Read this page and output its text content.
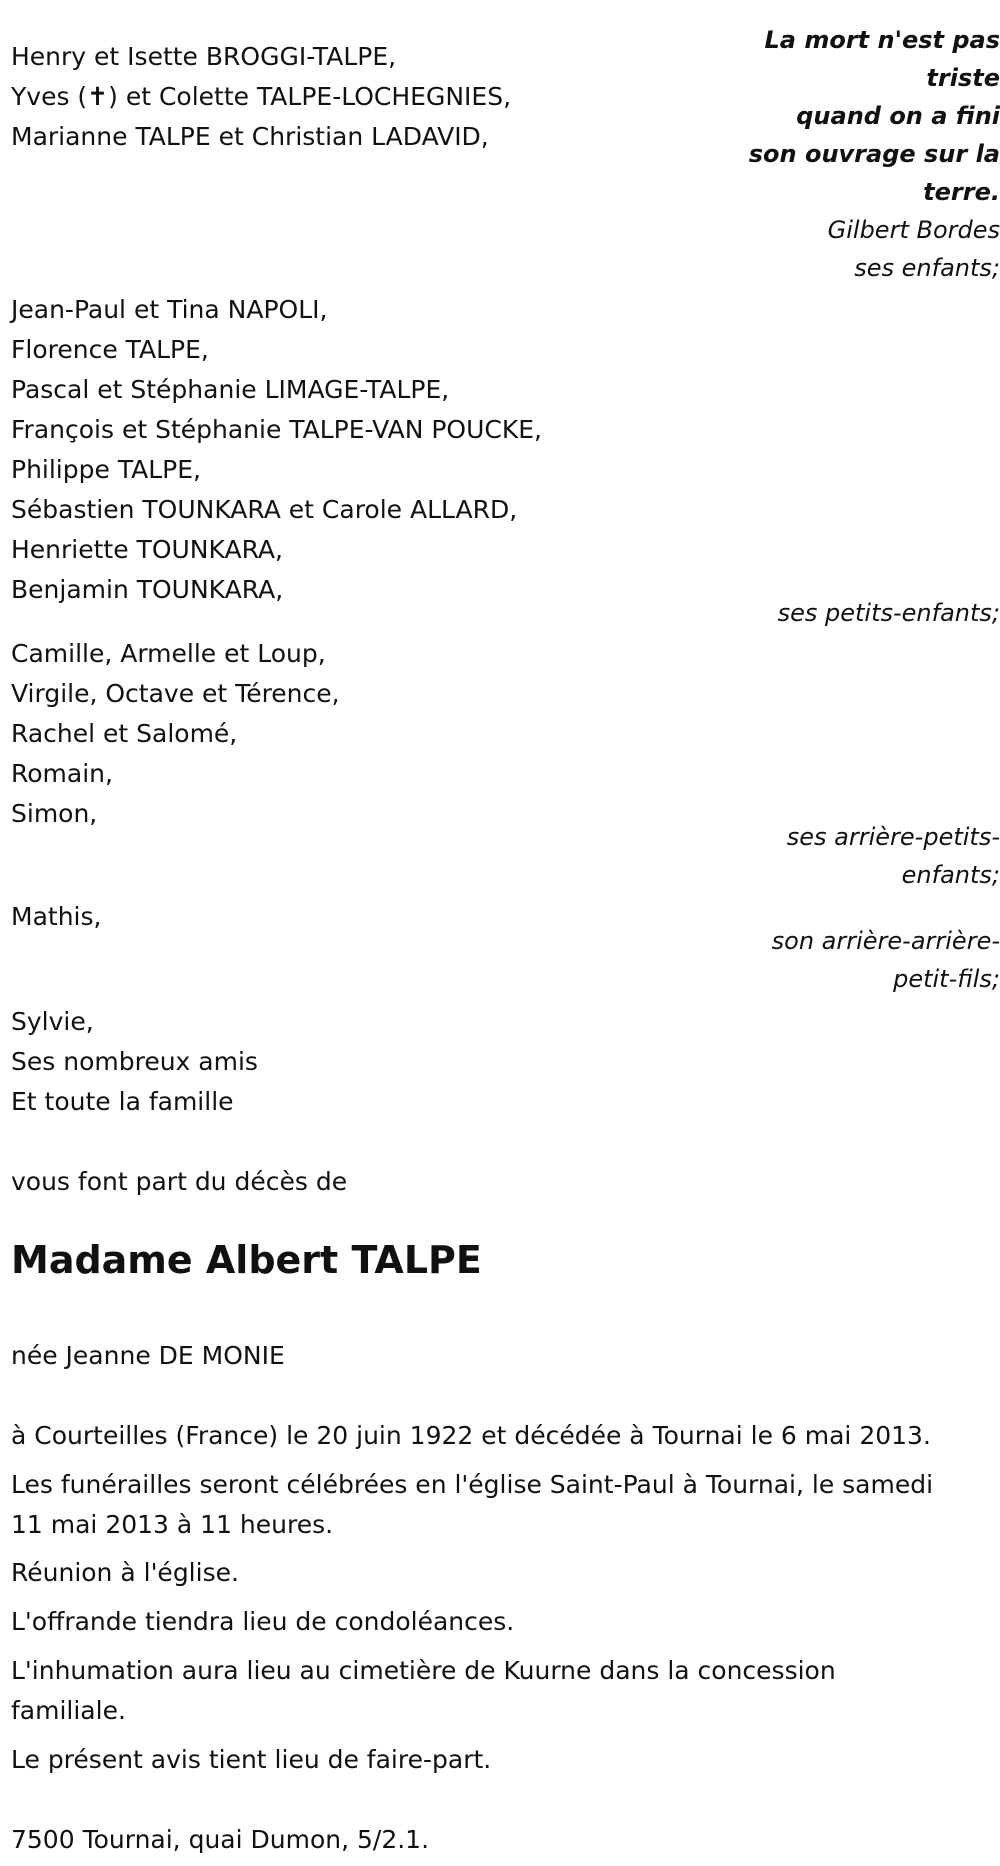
Henry et Isette BROGGI-TALPE,
Yves (✝) et Colette TALPE-LOCHEGNIES,
Marianne TALPE et Christian LADAVID,
La mort n'est pas
triste
quand on a fini
son ouvrage sur la
terre.
Gilbert Bordes
ses enfants;
Jean-Paul et Tina NAPOLI,
Florence TALPE,
Pascal et Stéphanie LIMAGE-TALPE,
François et Stéphanie TALPE-VAN POUCKE,
Philippe TALPE,
Sébastien TOUNKARA et Carole ALLARD,
Henriette TOUNKARA,
Benjamin TOUNKARA,
ses petits-enfants;
Camille, Armelle et Loup,
Virgile, Octave et Térence,
Rachel et Salomé,
Romain,
Simon,
ses arrière-petits-
enfants;
Mathis,
son arrière-arrière-
petit-fils;
Sylvie,
Ses nombreux amis
Et toute la famille
vous font part du décès de
Madame Albert TALPE
née Jeanne DE MONIE
à Courteilles (France) le 20 juin 1922 et décédée à Tournai le 6 mai 2013.
Les funérailles seront célébrées en l'église Saint-Paul à Tournai, le samedi
11 mai 2013 à 11 heures.
Réunion à l'église.
L'offrande tiendra lieu de condoléances.
L'inhumation aura lieu au cimetière de Kuurne dans la concession
familiale.
Le présent avis tient lieu de faire-part.
7500 Tournai, quai Dumon, 5/2.1.
